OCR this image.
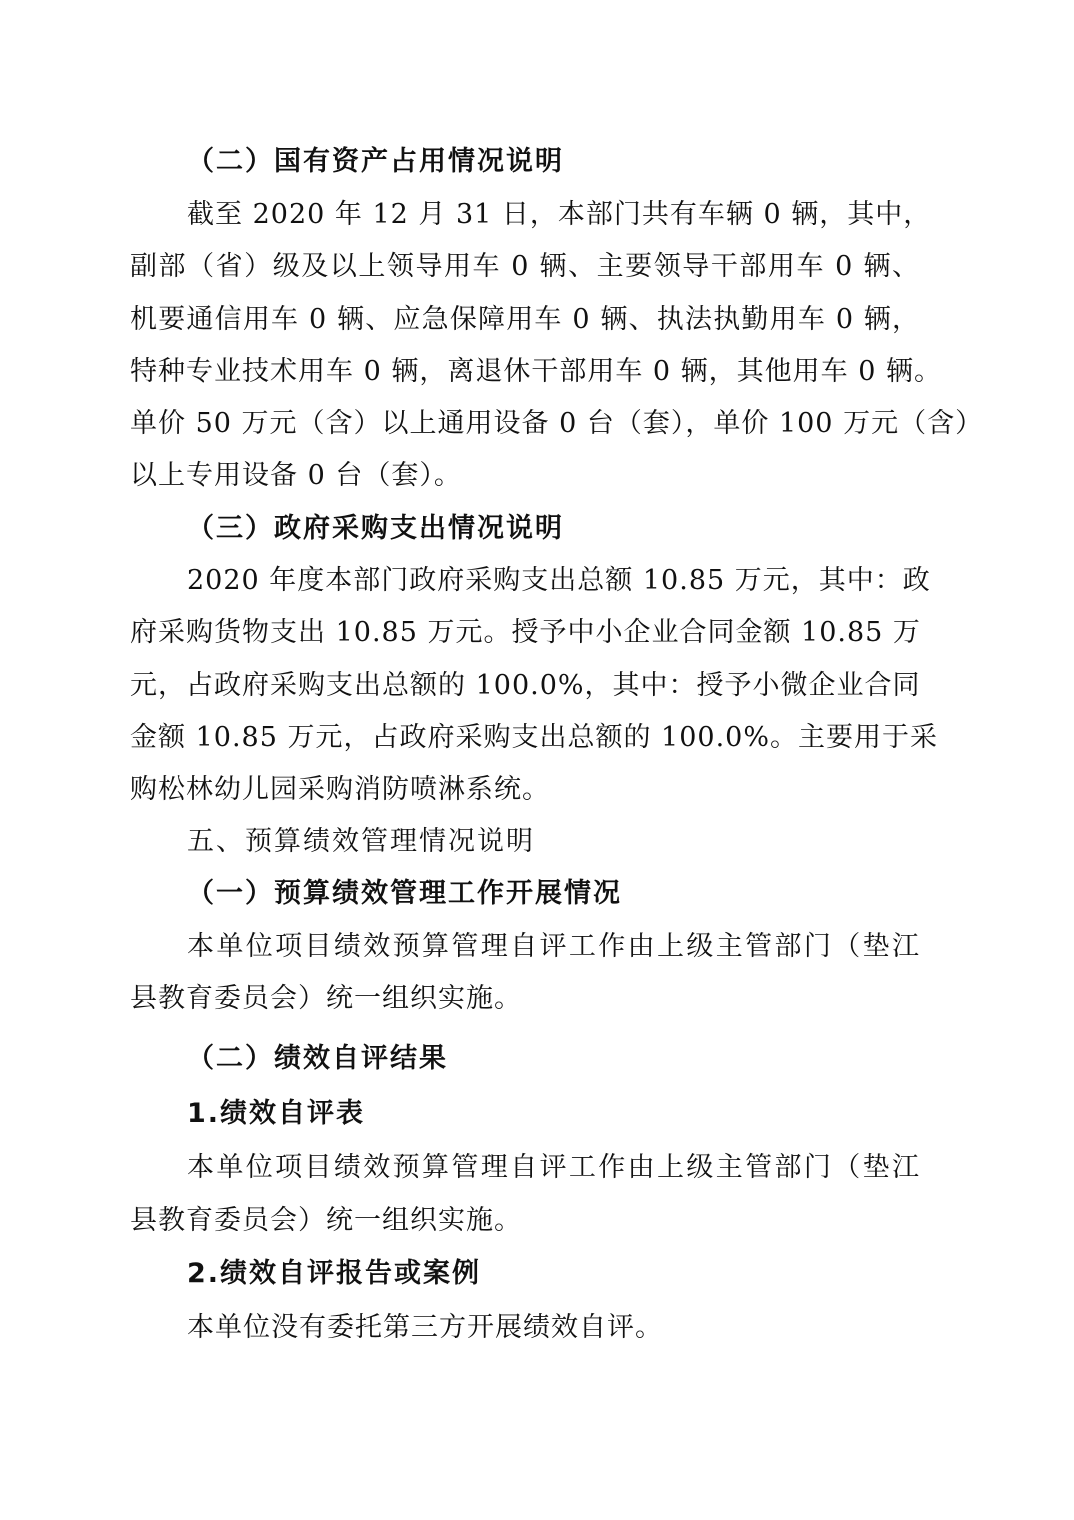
（二）国有资产占用情况说明
截至 2020 年 12 月 31 日，本部门共有车辆 0 辆，其中，
副部（省）级及以上领导用车 0 辆、主要领导干部用车 0 辆、
机要通信用车 0 辆、应急保障用车 0 辆、执法执勤用车 0 辆，
特种专业技术用车 0 辆，离退休干部用车 0 辆，其他用车 0 辆。
单价 50 万元（含）以上通用设备 0 台（套），单价 100 万元（含）
以上专用设备 0 台（套）。
（三）政府采购支出情况说明
2020 年度本部门政府采购支出总额 10.85 万元，其中：政
府采购货物支出 10.85 万元。授予中小企业合同金额 10.85 万
元，占政府采购支出总额的 100.0%，其中：授予小微企业合同
金额 10.85 万元，占政府采购支出总额的 100.0%。主要用于采
购松林幼儿园采购消防喷淋系统。
五、预算绩效管理情况说明
（一）预算绩效管理工作开展情况
本单位项目绩效预算管理自评工作由上级主管部门（垫江
县教育委员会）统一组织实施。
（二）绩效自评结果
1.绩效自评表
本单位项目绩效预算管理自评工作由上级主管部门（垫江
县教育委员会）统一组织实施。
2.绩效自评报告或案例
本单位没有委托第三方开展绩效自评。
